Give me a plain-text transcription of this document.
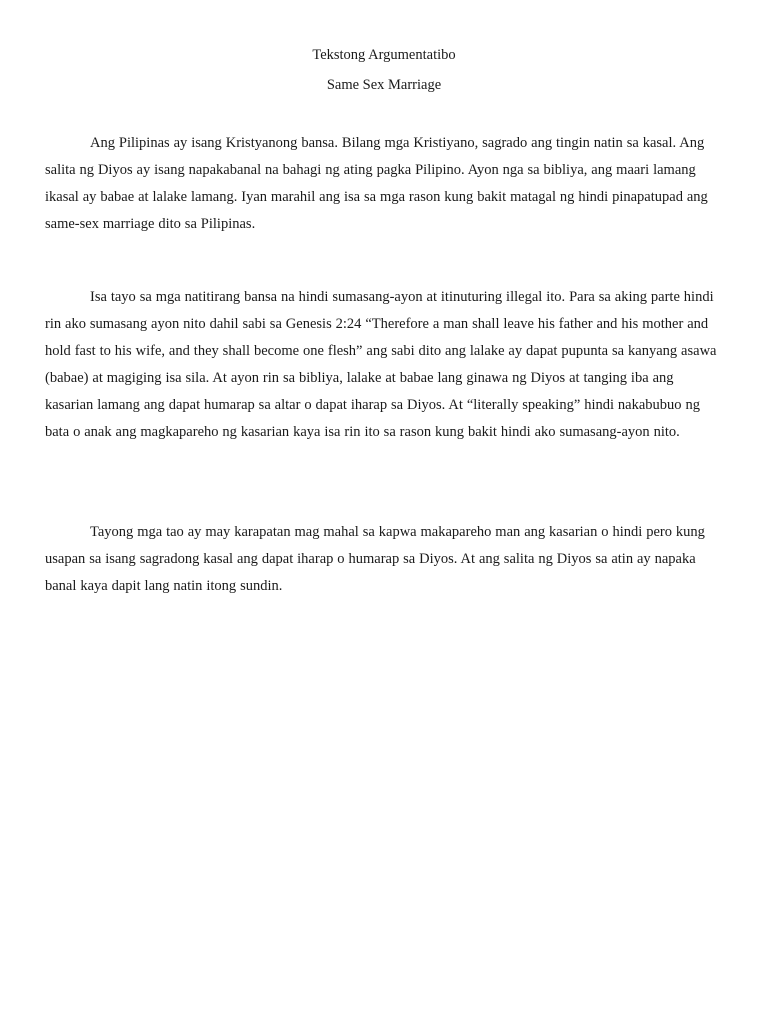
Tekstong Argumentatibo

Same Sex Marriage

Ang Pilipinas ay isang Kristyanong bansa. Bilang mga Kristiyano, sagrado ang tingin natin sa kasal. Ang salita ng Diyos ay isang napakabanal na bahagi ng ating pagka Pilipino. Ayon nga sa bibliya, ang maari lamang ikasal ay babae at lalake lamang. Iyan marahil ang isa sa mga rason kung bakit matagal ng hindi pinapatupad ang same-sex marriage dito sa Pilipinas.

Isa tayo sa mga natitirang bansa na hindi sumasang-ayon at itinuturing illegal ito. Para sa aking parte hindi rin ako sumasang ayon nito dahil sabi sa Genesis 2:24 “Therefore a man shall leave his father and his mother and hold fast to his wife, and they shall become one flesh” ang sabi dito ang lalake ay dapat pupunta sa kanyang asawa (babae) at magiging isa sila. At ayon rin sa bibliya, lalake at babae lang ginawa ng Diyos at tanging iba ang kasarian lamang ang dapat humarap sa altar o dapat iharap sa Diyos. At “literally speaking” hindi nakabubuo ng bata o anak ang magkapareho ng kasarian kaya isa rin ito sa rason kung bakit hindi ako sumasang-ayon nito.

Tayong mga tao ay may karapatan mag mahal sa kapwa makapareho man ang kasarian o hindi pero kung usapan sa isang sagradong kasal ang dapat iharap o humarap sa Diyos. At ang salita ng Diyos sa atin ay napaka banal kaya dapit lang natin itong sundin.
